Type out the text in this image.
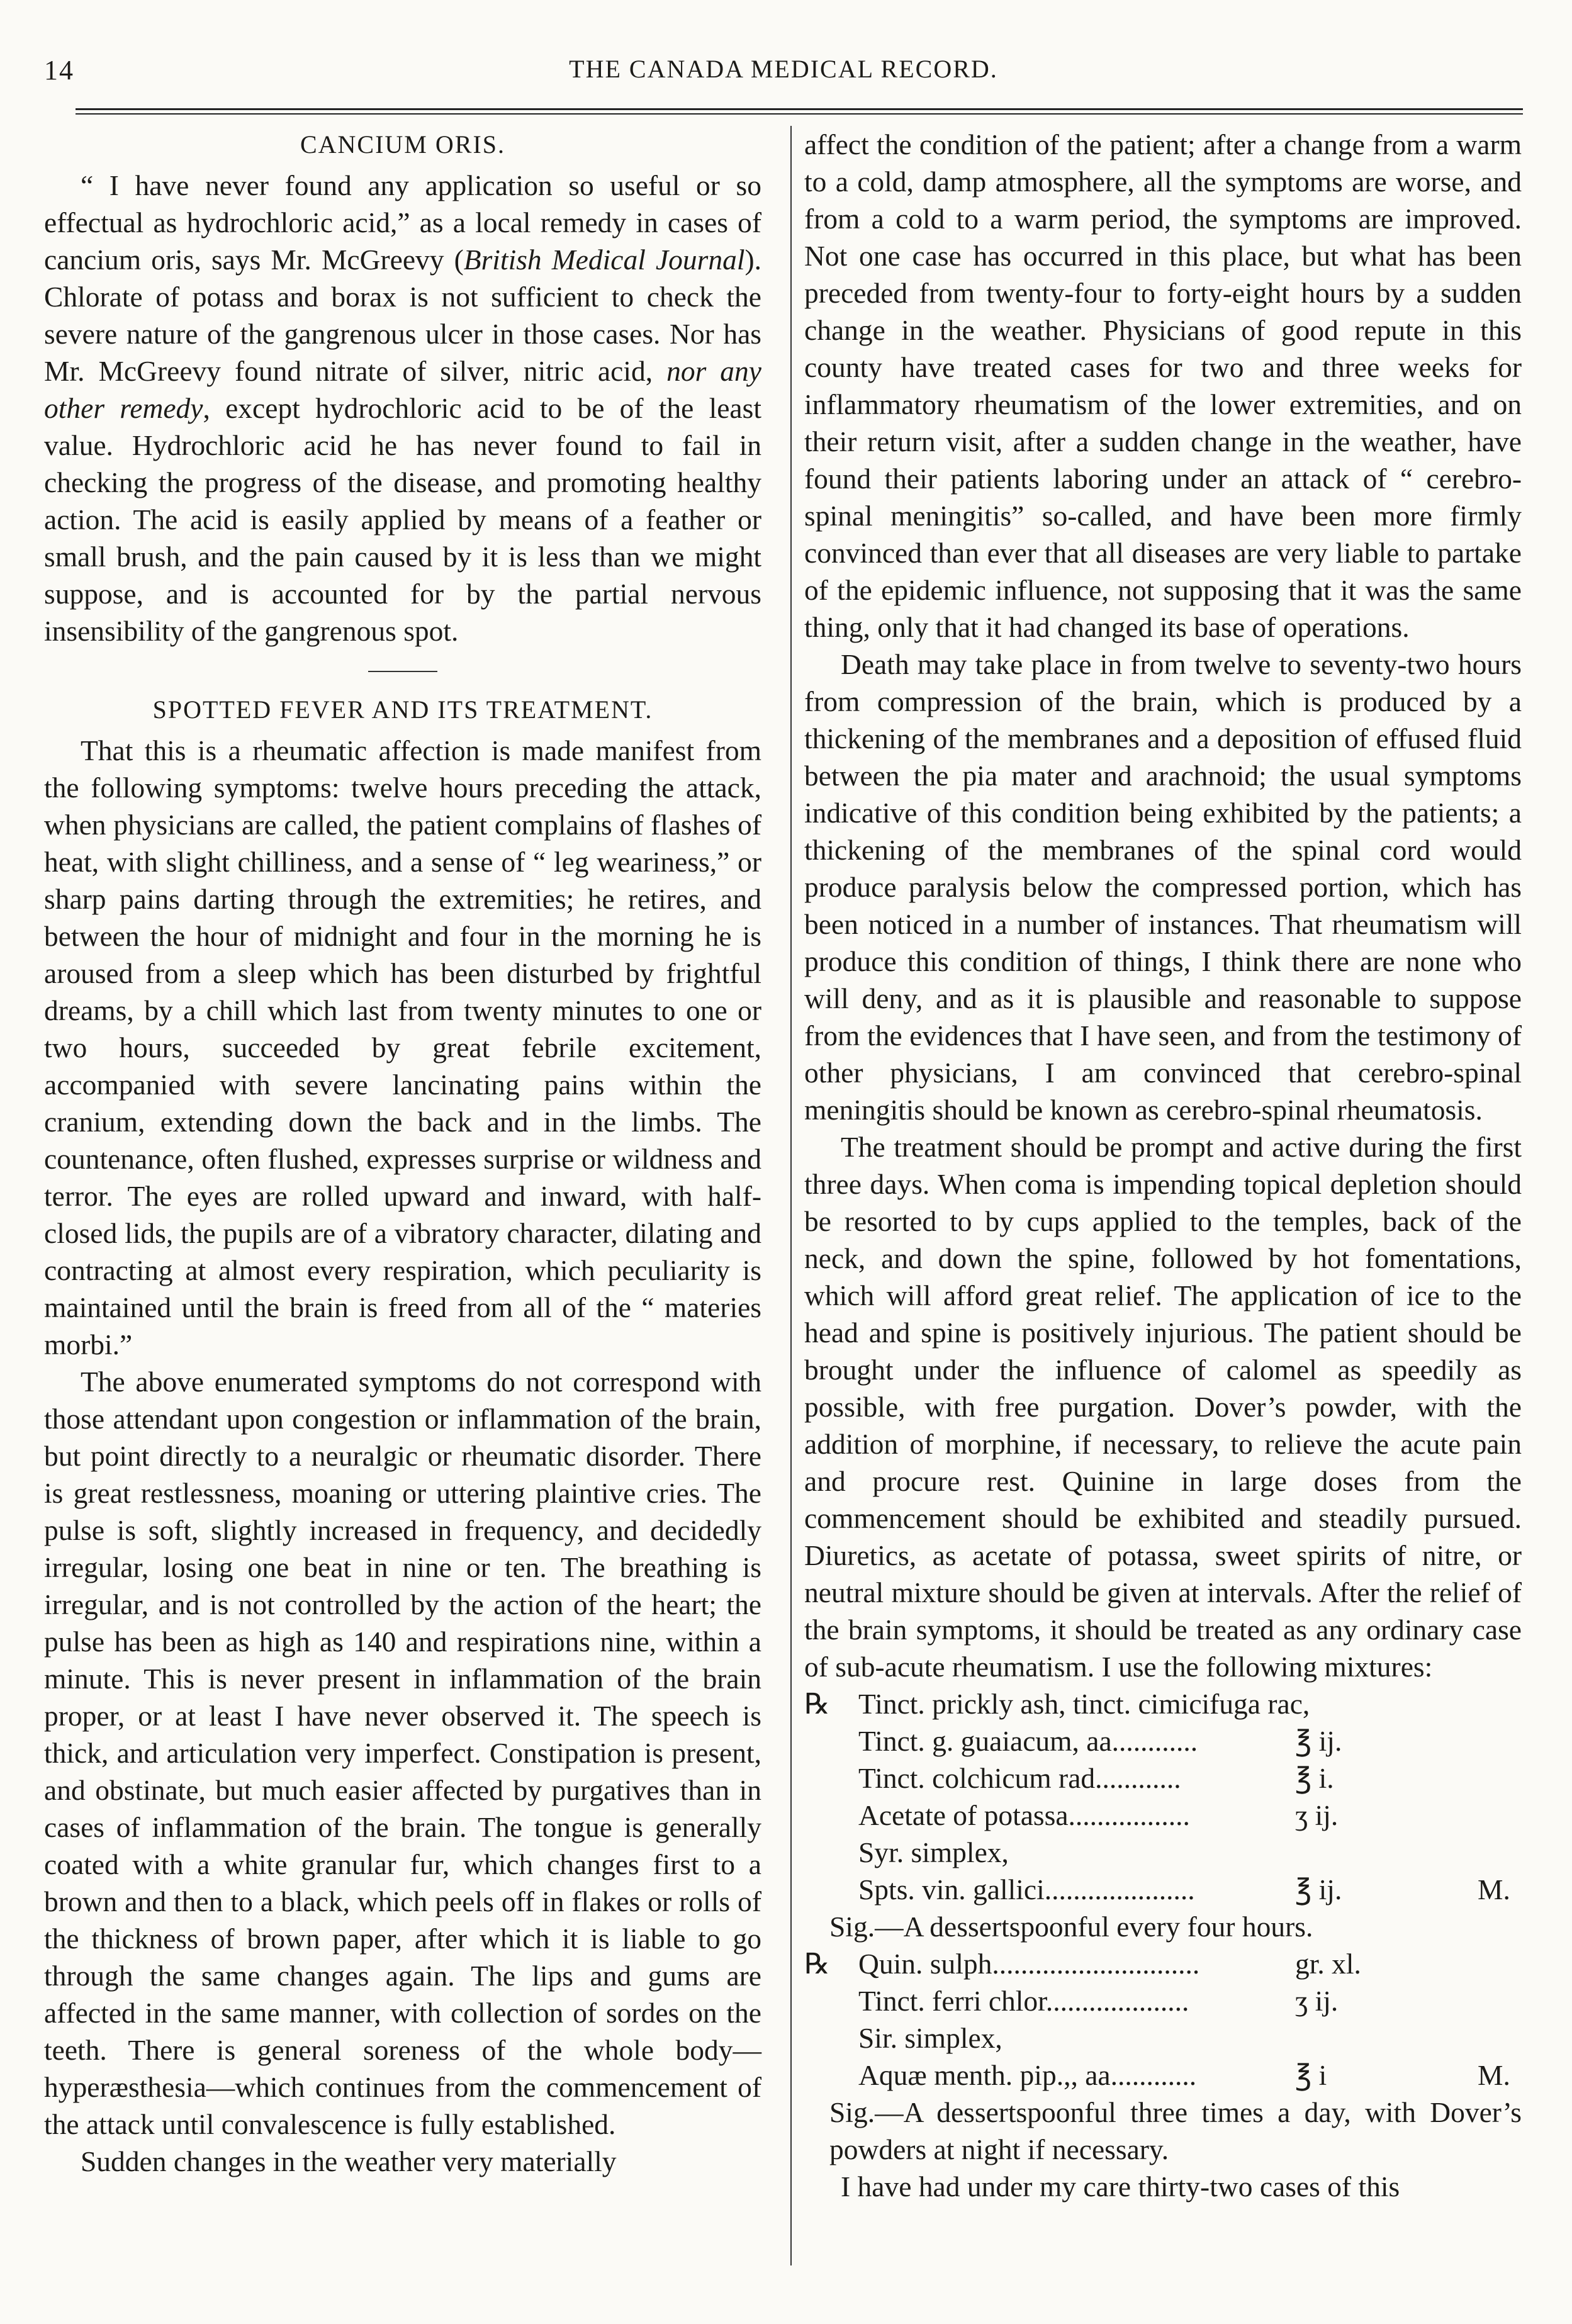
14	THE CANADA MEDICAL RECORD.
CANCIUM ORIS.

“ I have never found any application so useful or so effectual as hydrochloric acid,” as a local remedy in cases of cancium oris, says Mr. McGreevy (British Medical Journal). Chlorate of potass and borax is not sufficient to check the severe nature of the gangrenous ulcer in those cases. Nor has Mr. McGreevy found nitrate of silver, nitric acid, nor any other remedy, except hydrochloric acid to be of the least value. Hydrochloric acid he has never found to fail in checking the progress of the disease, and promoting healthy action. The acid is easily applied by means of a feather or small brush, and the pain caused by it is less than we might suppose, and is accounted for by the partial nervous insensibility of the gangrenous spot.

SPOTTED FEVER AND ITS TREATMENT.

That this is a rheumatic affection is made manifest from the following symptoms: twelve hours preceding the attack, when physicians are called, the patient complains of flashes of heat, with slight chilliness, and a sense of “ leg weariness,” or sharp pains darting through the extremities; he retires, and between the hour of midnight and four in the morning he is aroused from a sleep which has been disturbed by frightful dreams, by a chill which last from twenty minutes to one or two hours, succeeded by great febrile excitement, accompanied with severe lancinating pains within the cranium, extending down the back and in the limbs. The countenance, often flushed, expresses surprise or wildness and terror. The eyes are rolled upward and inward, with half-closed lids, the pupils are of a vibratory character, dilating and contracting at almost every respiration, which peculiarity is maintained until the brain is freed from all of the “ materies morbi.”

The above enumerated symptoms do not correspond with those attendant upon congestion or inflammation of the brain, but point directly to a neuralgic or rheumatic disorder. There is great restlessness, moaning or uttering plaintive cries. The pulse is soft, slightly increased in frequency, and decidedly irregular, losing one beat in nine or ten. The breathing is irregular, and is not controlled by the action of the heart; the pulse has been as high as 140 and respirations nine, within a minute. This is never present in inflammation of the brain proper, or at least I have never observed it. The speech is thick, and articulation very imperfect. Constipation is present, and obstinate, but much easier affected by purgatives than in cases of inflammation of the brain. The tongue is generally coated with a white granular fur, which changes first to a brown and then to a black, which peels off in flakes or rolls of the thickness of brown paper, after which it is liable to go through the same changes again. The lips and gums are affected in the same manner, with collection of sordes on the teeth. There is general soreness of the whole body—hyperæsthesia—which continues from the commencement of the attack until convalescence is fully established.

Sudden changes in the weather very materially

affect the condition of the patient; after a change from a warm to a cold, damp atmosphere, all the symptoms are worse, and from a cold to a warm period, the symptoms are improved. Not one case has occurred in this place, but what has been preceded from twenty-four to forty-eight hours by a sudden change in the weather. Physicians of good repute in this county have treated cases for two and three weeks for inflammatory rheumatism of the lower extremities, and on their return visit, after a sudden change in the weather, have found their patients laboring under an attack of “ cerebro-spinal meningitis” so-called, and have been more firmly convinced than ever that all diseases are very liable to partake of the epidemic influence, not supposing that it was the same thing, only that it had changed its base of operations.

Death may take place in from twelve to seventy-two hours from compression of the brain, which is produced by a thickening of the membranes and a deposition of effused fluid between the pia mater and arachnoid; the usual symptoms indicative of this condition being exhibited by the patients; a thickening of the membranes of the spinal cord would produce paralysis below the compressed portion, which has been noticed in a number of instances. That rheumatism will produce this condition of things, I think there are none who will deny, and as it is plausible and reasonable to suppose from the evidences that I have seen, and from the testimony of other physicians, I am convinced that cerebro-spinal meningitis should be known as cerebro-spinal rheumatosis.

The treatment should be prompt and active during the first three days. When coma is impending topical depletion should be resorted to by cups applied to the temples, back of the neck, and down the spine, followed by hot fomentations, which will afford great relief. The application of ice to the head and spine is positively injurious. The patient should be brought under the influence of calomel as speedily as possible, with free purgation. Dover’s powder, with the addition of morphine, if necessary, to relieve the acute pain and procure rest. Quinine in large doses from the commencement should be exhibited and steadily pursued. Diuretics, as acetate of potassa, sweet spirits of nitre, or neutral mixture should be given at intervals. After the relief of the brain symptoms, it should be treated as any ordinary case of sub-acute rheumatism. I use the following mixtures:

℞ Tinct. prickly ash, tinct. cimicifuga rac,
Tinct. g. guaiacum, aa............	℥ ij.
Tinct. colchicum rad............	℥ i.
Acetate of potassa.................	ʒ ij.
Syr. simplex,
Spts. vin. gallici.....................	℥ ij.	M.

Sig.—A dessertspoonful every four hours.

℞ Quin. sulph.............................	gr. xl.
Tinct. ferri chlor....................	ʒ ij.
Sir. simplex,
Aquæ menth. pip.,, aa............	℥ i	M.

Sig.—A dessertspoonful three times a day, with Dover’s powders at night if necessary.

I have had under my care thirty-two cases of this
